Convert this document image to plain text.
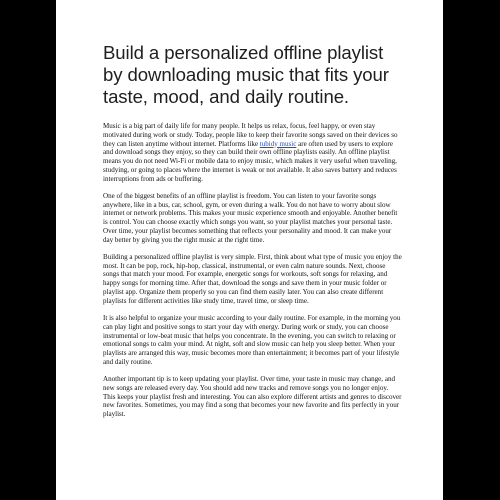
Build a personalized offline playlist by downloading music that fits your taste, mood, and daily routine.

Music is a big part of daily life for many people. It helps us relax, focus, feel happy, or even stay motivated during work or study. Today, people like to keep their favorite songs saved on their devices so they can listen anytime without internet. Platforms like tubidy music are often used by users to explore and download songs they enjoy, so they can build their own offline playlists easily. An offline playlist means you do not need Wi-Fi or mobile data to enjoy music, which makes it very useful when traveling, studying, or going to places where the internet is weak or not available. It also saves battery and reduces interruptions from ads or buffering.

One of the biggest benefits of an offline playlist is freedom. You can listen to your favorite songs anywhere, like in a bus, car, school, gym, or even during a walk. You do not have to worry about slow internet or network problems. This makes your music experience smooth and enjoyable. Another benefit is control. You can choose exactly which songs you want, so your playlist matches your personal taste. Over time, your playlist becomes something that reflects your personality and mood. It can make your day better by giving you the right music at the right time.

Building a personalized offline playlist is very simple. First, think about what type of music you enjoy the most. It can be pop, rock, hip-hop, classical, instrumental, or even calm nature sounds. Next, choose songs that match your mood. For example, energetic songs for workouts, soft songs for relaxing, and happy songs for morning time. After that, download the songs and save them in your music folder or playlist app. Organize them properly so you can find them easily later. You can also create different playlists for different activities like study time, travel time, or sleep time.

It is also helpful to organize your music according to your daily routine. For example, in the morning you can play light and positive songs to start your day with energy. During work or study, you can choose instrumental or low-beat music that helps you concentrate. In the evening, you can switch to relaxing or emotional songs to calm your mind. At night, soft and slow music can help you sleep better. When your playlists are arranged this way, music becomes more than entertainment; it becomes part of your lifestyle and daily routine.

Another important tip is to keep updating your playlist. Over time, your taste in music may change, and new songs are released every day. You should add new tracks and remove songs you no longer enjoy. This keeps your playlist fresh and interesting. You can also explore different artists and genres to discover new favorites. Sometimes, you may find a song that becomes your new favorite and fits perfectly in your playlist.
